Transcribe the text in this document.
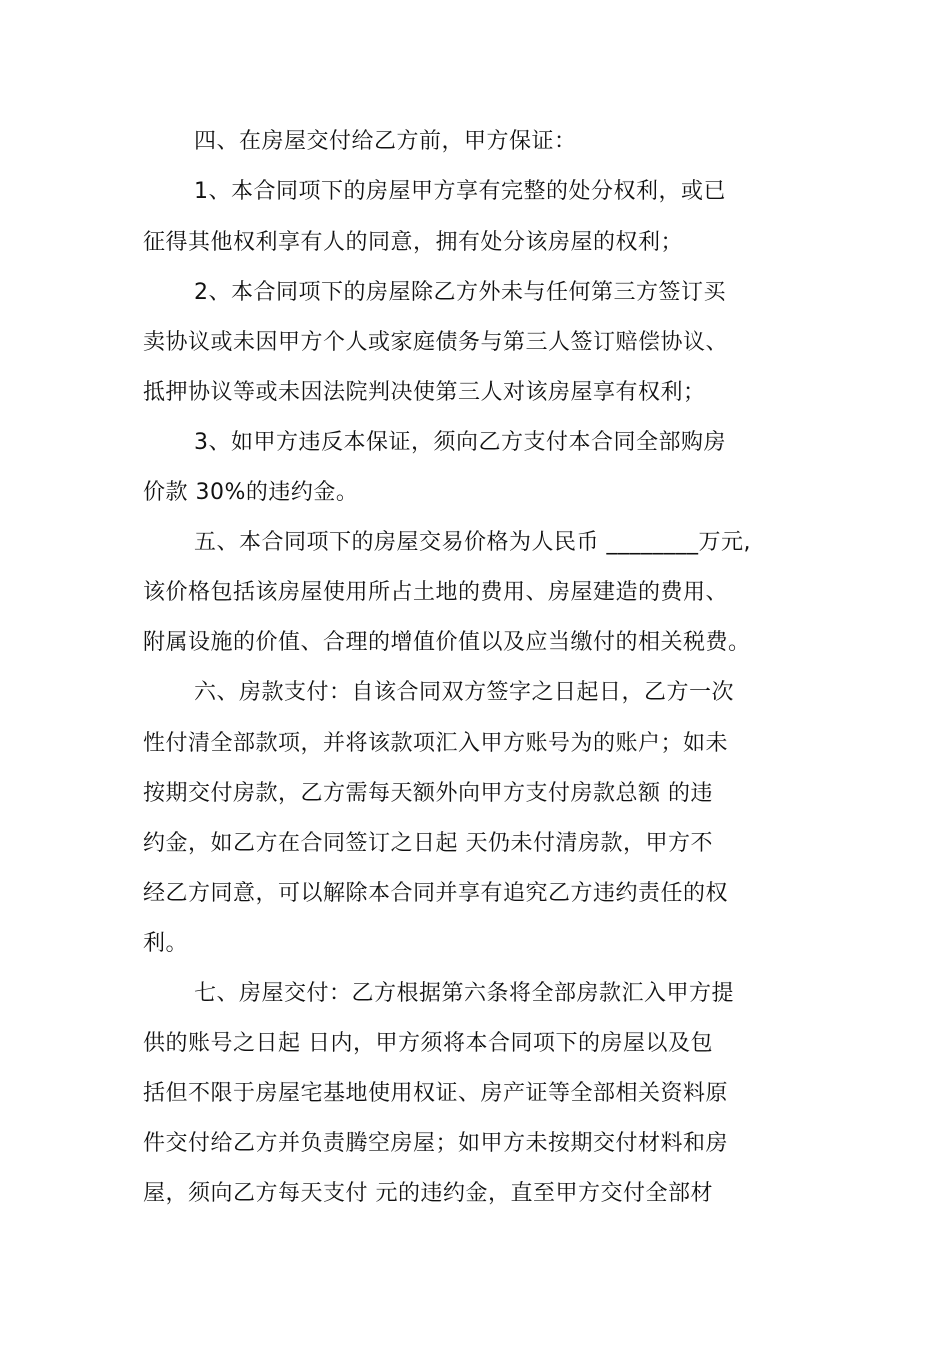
四、在房屋交付给乙方前，甲方保证：
1、本合同项下的房屋甲方享有完整的处分权利，或已
征得其他权利享有人的同意，拥有处分该房屋的权利；
2、本合同项下的房屋除乙方外未与任何第三方签订买
卖协议或未因甲方个人或家庭债务与第三人签订赔偿协议、
抵押协议等或未因法院判决使第三人对该房屋享有权利；
3、如甲方违反本保证，须向乙方支付本合同全部购房
价款 30%的违约金。
五、本合同项下的房屋交易价格为人民币 ________万元,
该价格包括该房屋使用所占土地的费用、房屋建造的费用、
附属设施的价值、合理的增值价值以及应当缴付的相关税费。
六、房款支付：自该合同双方签字之日起日，乙方一次
性付清全部款项，并将该款项汇入甲方账号为的账户；如未
按期交付房款，乙方需每天额外向甲方支付房款总额 的违
约金，如乙方在合同签订之日起 天仍未付清房款，甲方不
经乙方同意，可以解除本合同并享有追究乙方违约责任的权
利。
七、房屋交付：乙方根据第六条将全部房款汇入甲方提
供的账号之日起 日内，甲方须将本合同项下的房屋以及包
括但不限于房屋宅基地使用权证、房产证等全部相关资料原
件交付给乙方并负责腾空房屋；如甲方未按期交付材料和房
屋，须向乙方每天支付 元的违约金，直至甲方交付全部材
